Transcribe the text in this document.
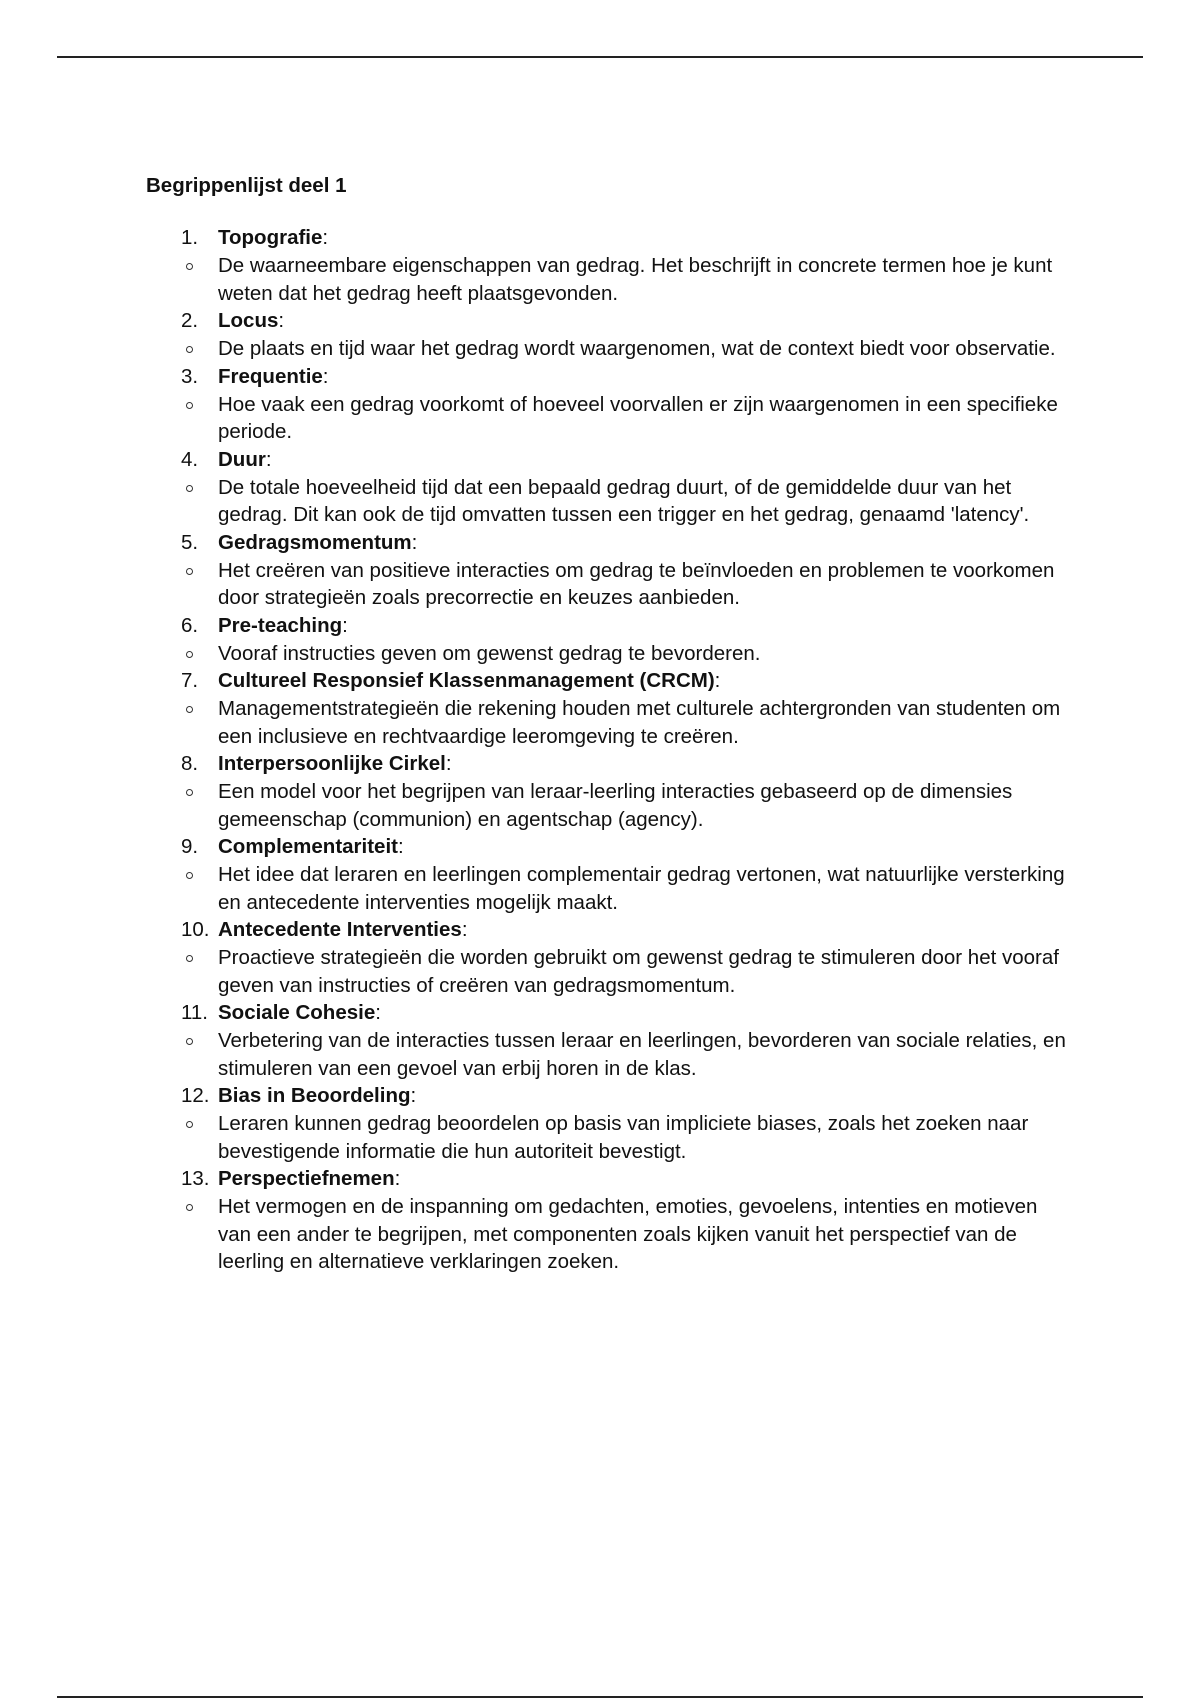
Begrippenlijst deel 1
1. Topografie:
De waarneembare eigenschappen van gedrag. Het beschrijft in concrete termen hoe je kunt weten dat het gedrag heeft plaatsgevonden.
2. Locus:
De plaats en tijd waar het gedrag wordt waargenomen, wat de context biedt voor observatie.
3. Frequentie:
Hoe vaak een gedrag voorkomt of hoeveel voorvallen er zijn waargenomen in een specifieke periode.
4. Duur:
De totale hoeveelheid tijd dat een bepaald gedrag duurt, of de gemiddelde duur van het gedrag. Dit kan ook de tijd omvatten tussen een trigger en het gedrag, genaamd 'latency'.
5. Gedragsmomentum:
Het creëren van positieve interacties om gedrag te beïnvloeden en problemen te voorkomen door strategieën zoals precorrectie en keuzes aanbieden.
6. Pre-teaching:
Vooraf instructies geven om gewenst gedrag te bevorderen.
7. Cultureel Responsief Klassenmanagement (CRCM):
Managementstrategieën die rekening houden met culturele achtergronden van studenten om een inclusieve en rechtvaardige leeromgeving te creëren.
8. Interpersoonlijke Cirkel:
Een model voor het begrijpen van leraar-leerling interacties gebaseerd op de dimensies gemeenschap (communion) en agentschap (agency).
9. Complementariteit:
Het idee dat leraren en leerlingen complementair gedrag vertonen, wat natuurlijke versterking en antecedente interventies mogelijk maakt.
10. Antecedente Interventies:
Proactieve strategieën die worden gebruikt om gewenst gedrag te stimuleren door het vooraf geven van instructies of creëren van gedragsmomentum.
11. Sociale Cohesie:
Verbetering van de interacties tussen leraar en leerlingen, bevorderen van sociale relaties, en stimuleren van een gevoel van erbij horen in de klas.
12. Bias in Beoordeling:
Leraren kunnen gedrag beoordelen op basis van impliciete biases, zoals het zoeken naar bevestigende informatie die hun autoriteit bevestigt.
13. Perspectiefnemen:
Het vermogen en de inspanning om gedachten, emoties, gevoelens, intenties en motieven van een ander te begrijpen, met componenten zoals kijken vanuit het perspectief van de leerling en alternatieve verklaringen zoeken.
